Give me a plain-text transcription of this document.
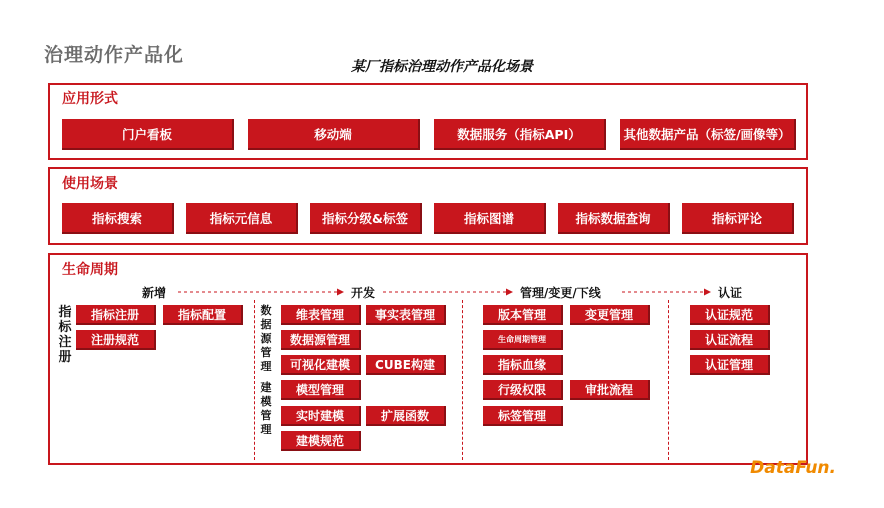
治理动作产品化
某厂指标治理动作产品化场景
应用形式
门户看板	移动端	数据服务（指标API）	其他数据产品（标签/画像等）
使用场景
指标搜索	指标元信息	指标分级&标签	指标图谱	指标数据查询	指标评论
生命周期
新增	开发	管理/变更/下线	认证
指标注册
指标注册	指标配置
注册规范
数据源管理
建模管理
维表管理	事实表管理
数据源管理
可视化建模	CUBE构建
模型管理
实时建模	扩展函数
建模规范
版本管理	变更管理
生命周期管理
指标血缘
行级权限	审批流程
标签管理
认证规范
认证流程
认证管理
DataFun.
